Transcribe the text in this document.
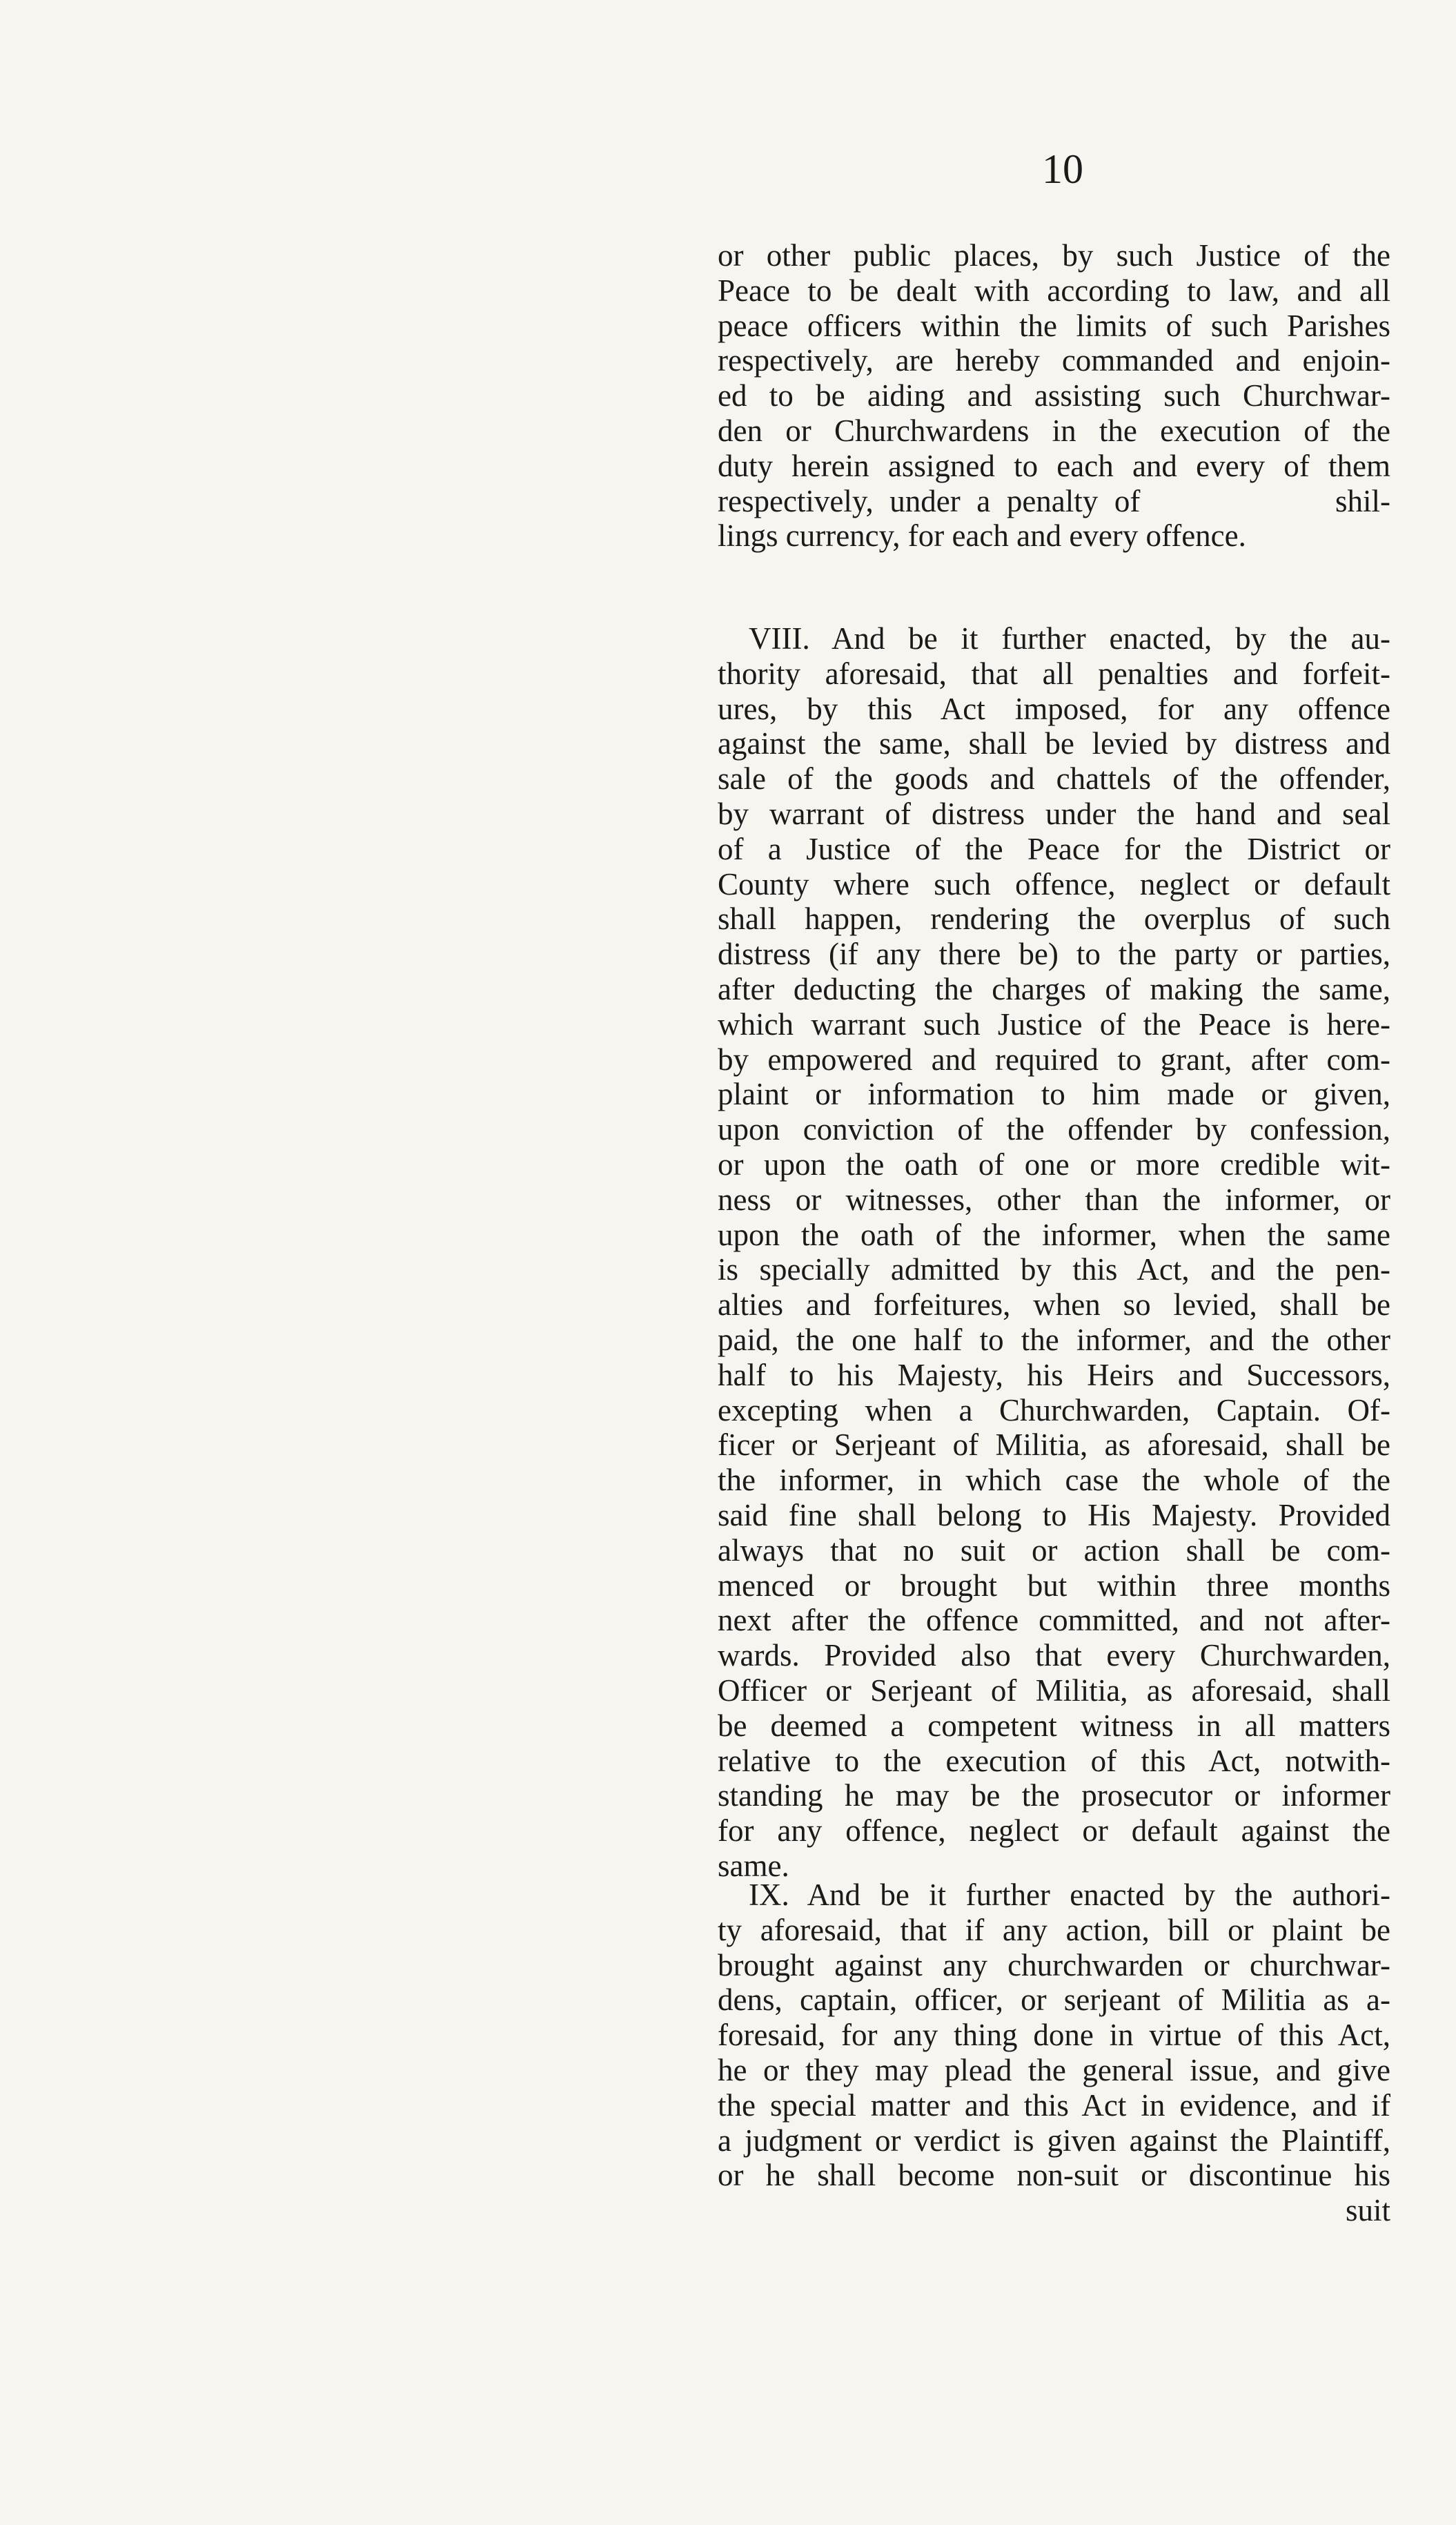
10
or other public places, by such Justice of the
Peace to be dealt with according to law, and all
peace officers within the limits of such Parishes
respectively, are hereby commanded and enjoin-
ed to be aiding and assisting such Churchwar-
den or Churchwardens in the execution of the
duty herein assigned to each and every of them
respectively, under a penalty of            shil-
lings currency, for each and every offence.
VIII. And be it further enacted, by the au-
thority aforesaid, that all penalties and forfeit-
ures, by this Act imposed, for any offence
against the same, shall be levied by distress and
sale of the goods and chattels of the offender,
by warrant of distress under the hand and seal
of a Justice of the Peace for the District or
County where such offence, neglect or default
shall happen, rendering the overplus of such
distress (if any there be) to the party or parties,
after deducting the charges of making the same,
which warrant such Justice of the Peace is here-
by empowered and required to grant, after com-
plaint or information to him made or given,
upon conviction of the offender by confession,
or upon the oath of one or more credible wit-
ness or witnesses, other than the informer, or
upon the oath of the informer, when the same
is specially admitted by this Act, and the pen-
alties and forfeitures, when so levied, shall be
paid, the one half to the informer, and the other
half to his Majesty, his Heirs and Successors,
excepting when a Churchwarden, Captain. Of-
ficer or Serjeant of Militia, as aforesaid, shall be
the informer, in which case the whole of the
said fine shall belong to His Majesty. Provided
always that no suit or action shall be com-
menced or brought but within three months
next after the offence committed, and not after-
wards. Provided also that every Churchwarden,
Officer or Serjeant of Militia, as aforesaid, shall
be deemed a competent witness in all matters
relative to the execution of this Act, notwith-
standing he may be the prosecutor or informer
for any offence, neglect or default against the
same.
IX. And be it further enacted by the authori-
ty aforesaid, that if any action, bill or plaint be
brought against any churchwarden or churchwar-
dens, captain, officer, or serjeant of Militia as a-
foresaid, for any thing done in virtue of this Act,
he or they may plead the general issue, and give
the special matter and this Act in evidence, and if
a judgment or verdict is given against the Plaintiff,
or he shall become non-suit or discontinue his
suit
